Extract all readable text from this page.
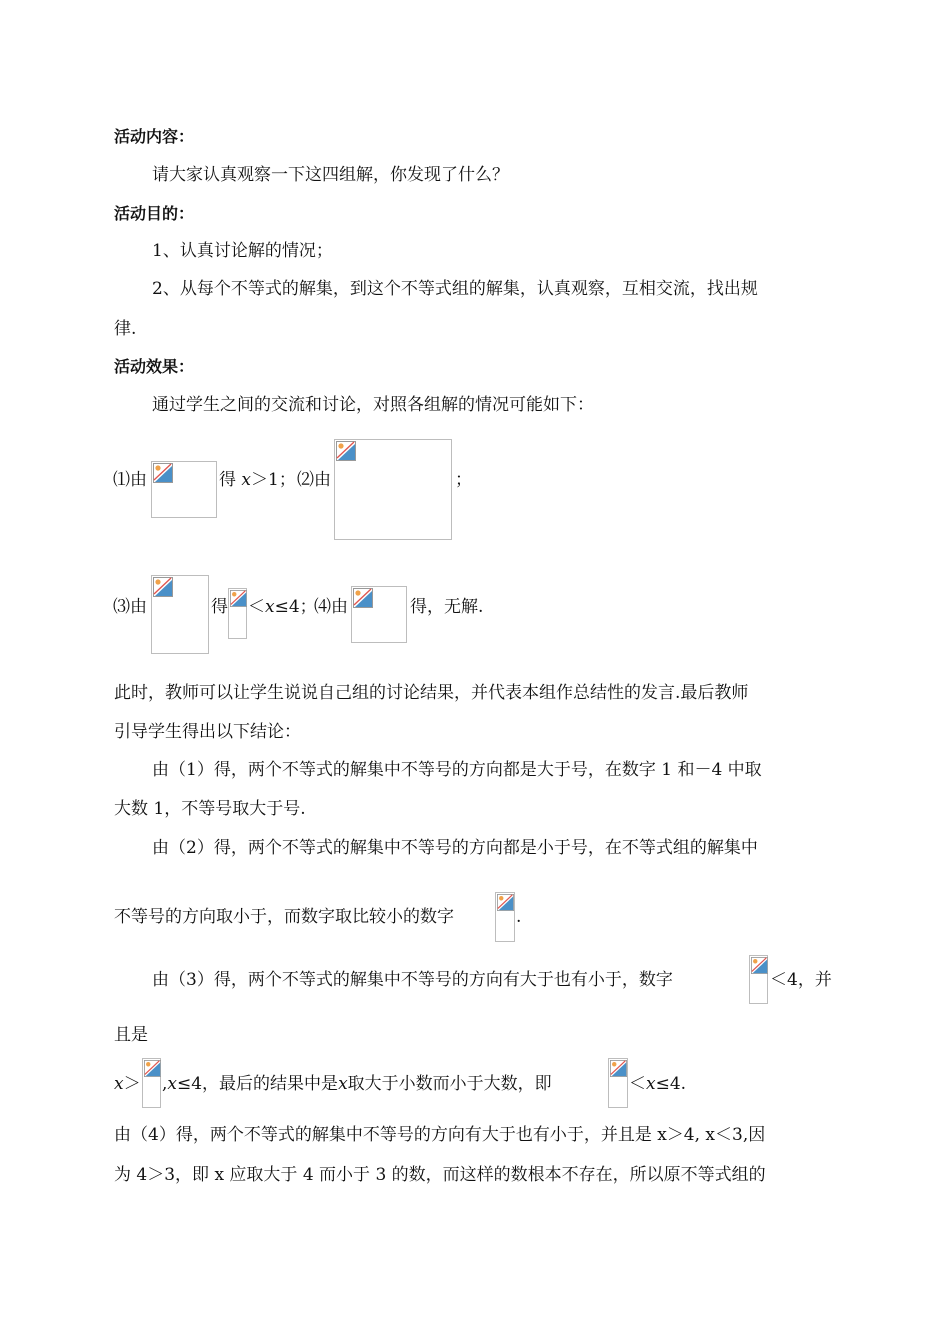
活动内容：
请大家认真观察一下这四组解，你发现了什么？
活动目的：
1、认真讨论解的情况；
2、从每个不等式的解集，到这个不等式组的解集，认真观察，互相交流，找出规
律.
活动效果：
通过学生之间的交流和讨论，对照各组解的情况可能如下：
⑴由	得 x＞1； ⑵由	；
⑶由	得 ＜x≤4；
⑷由	得，无解.
此时，教师可以让学生说说自己组的讨论结果，并代表本组作总结性的发言.最后教师
引导学生得出以下结论：
由（1）得，两个不等式的解集中不等号的方向都是大于号，在数字 1 和－4 中取
大数 1，不等号取大于号.
由（2）得，两个不等式的解集中不等号的方向都是小于号，在不等式组的解集中
不等号的方向取小于，而数字取比较小的数字	.
由（3）得，两个不等式的解集中不等号的方向有大于也有小于，数字	＜4，并
且是
x＞ ,x≤4，最后的结果中是x取大于小数而小于大数，即	＜x≤4.
由（4）得，两个不等式的解集中不等号的方向有大于也有小于，并且是 x＞4, x＜3,因
为 4＞3，即 x 应取大于 4 而小于 3 的数，而这样的数根本不存在，所以原不等式组的
